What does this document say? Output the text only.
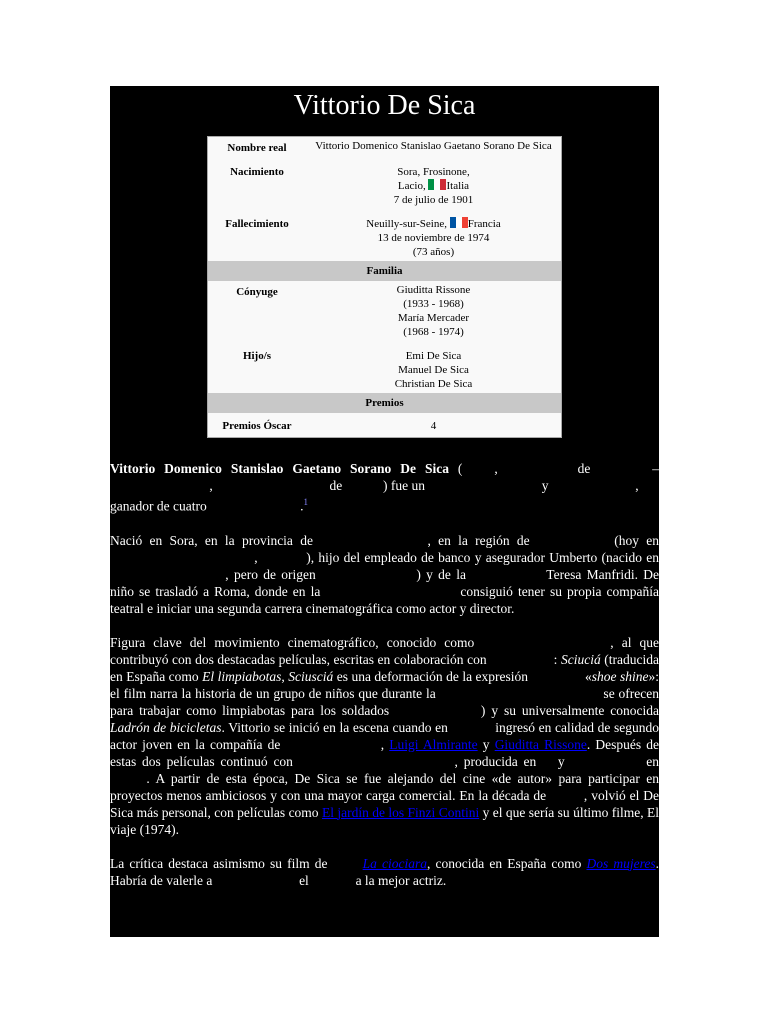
Vittorio De Sica
Nombre real	Vittorio Domenico Stanislao Gaetano Sorano De Sica
Nacimiento	Sora, Frosinone,
Lacio, Italia
7 de julio de 1901

Fallecimiento	Neuilly-sur-Seine, Francia
13 de noviembre de 1974
(73 años)

Familia	
Cónyuge	Giuditta Rissone
(1933 - 1968)
María Mercader
(1968 - 1974)

Hijo/s	Emi De Sica
Manuel De Sica
Christian De Sica

Premios	
Premios Óscar	4

Vittorio Domenico Stanislao Gaetano Sorano De Sica (  ,	de	– ,	de	) fue un	y	,
ganador de cuatro	.$^1$

Nació en Sora, en la provincia de	, en la región de	(hoy en  ,	), hijo del empleado de banco y asegurador Umberto (nacido en  , pero de origen	) y de la	Teresa Manfridi. De niño se trasladó a Roma, donde en la	consiguió tener su propia compañía teatral e iniciar una segunda carrera cinematográfica como actor y director.

Figura clave del movimiento cinematográfico, conocido como	, al que contribuyó con dos destacadas películas, escritas en colaboración con	: Sciuciá (traducida en España como El limpiabotas, Sciusciá es una deformación de la expresión	«shoe shine»: el film narra la historia de un grupo de niños que durante la	se ofrecen para trabajar como limpiabotas para los soldados	) y su universalmente conocida Ladrón de bicicletas. Vittorio se inició en la escena cuando en	ingresó en calidad de segundo actor joven en la compañía de	, Luigi Almirante y Giuditta Rissone. Después de estas dos películas continuó con	, producida en  y	en  . A partir de esta época, De Sica se fue alejando del cine «de autor» para participar en proyectos menos ambiciosos y con una mayor carga comercial. En la década de  , volvió el De Sica más personal, con películas como El jardín de los Finzi Contini y el que sería su último filme, El viaje (1974).

La crítica destaca asimismo su film de La ciociara, conocida en España como Dos mujeres. Habría de valerle a	el	a la mejor actriz.
